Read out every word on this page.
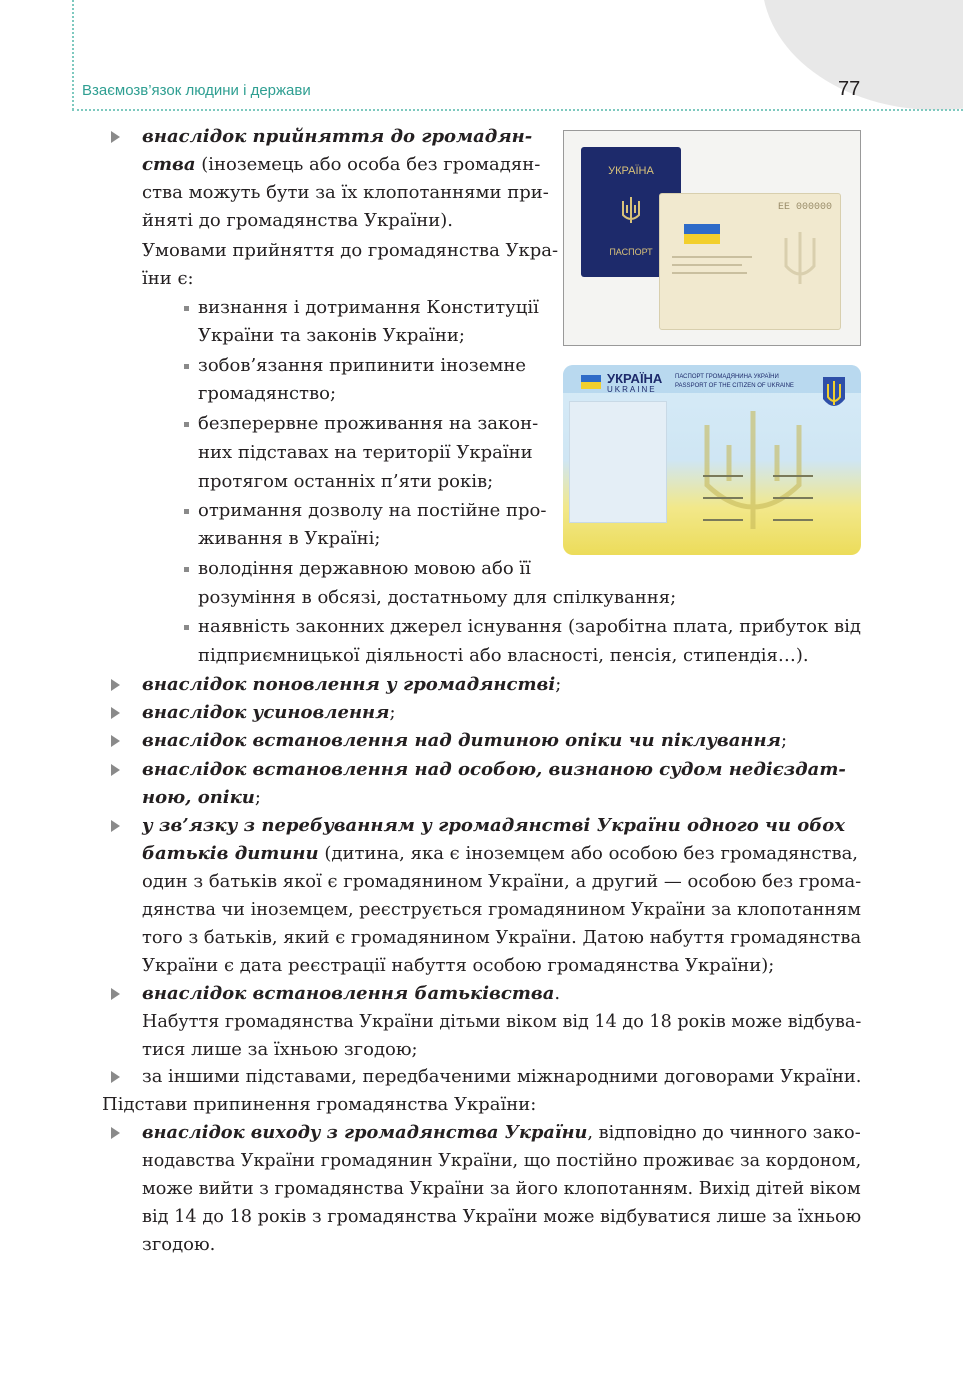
Взаємозв’язок людини і держави	77
УКРАЇНА
ПАСПОРТ
ЕЕ 000000
УКРАЇНА
UKRAINE
ПАСПОРТ ГРОМАДЯНИНА УКРАЇНИ
PASSPORT OF THE CITIZEN OF UKRAINE
внаслідок прийняття до громадян-
ства (іноземець або особа без громадян-
ства можуть бути за їх клопотаннями при-
йняті до громадянства України).
Умовами прийняття до громадянства Укра-
їни є:
визнання і дотримання Конституції
України та законів України;
зобов’язання припинити іноземне
громадянство;
безперервне проживання на закон-
них підставах на території України
протягом останніх п’яти років;
отримання дозволу на постійне про-
живання в Україні;
володіння державною мовою або її
розуміння в обсязі, достатньому для спілкування;
наявність законних джерел існування (заробітна плата, прибуток від
підприємницької діяльності або власності, пенсія, стипендія…).
внаслідок поновлення у громадянстві;
внаслідок усиновлення;
внаслідок встановлення над дитиною опіки чи піклування;
внаслідок встановлення над особою, визнаною судом недієздат-
ною, опіки;
у зв’язку з перебуванням у громадянстві України одного чи обох
батьків дитини (дитина, яка є іноземцем або особою без громадянства,
один з батьків якої є громадянином України, а другий — особою без грома-
дянства чи іноземцем, реєструється громадянином України за клопотанням
того з батьків, який є громадянином України. Датою набуття громадянства
України є дата реєстрації набуття особою громадянства України);
внаслідок встановлення батьківства.
Набуття громадянства України дітьми віком від 14 до 18 років може відбува-
тися лише за їхньою згодою;
за іншими підставами, передбаченими міжнародними договорами України.
Підстави припинення громадянства України:
внаслідок виходу з громадянства України, відповідно до чинного зако-
нодавства України громадянин України, що постійно проживає за кордоном,
може вийти з громадянства України за його клопотанням. Вихід дітей віком
від 14 до 18 років з громадянства України може відбуватися лише за їхньою
згодою.
